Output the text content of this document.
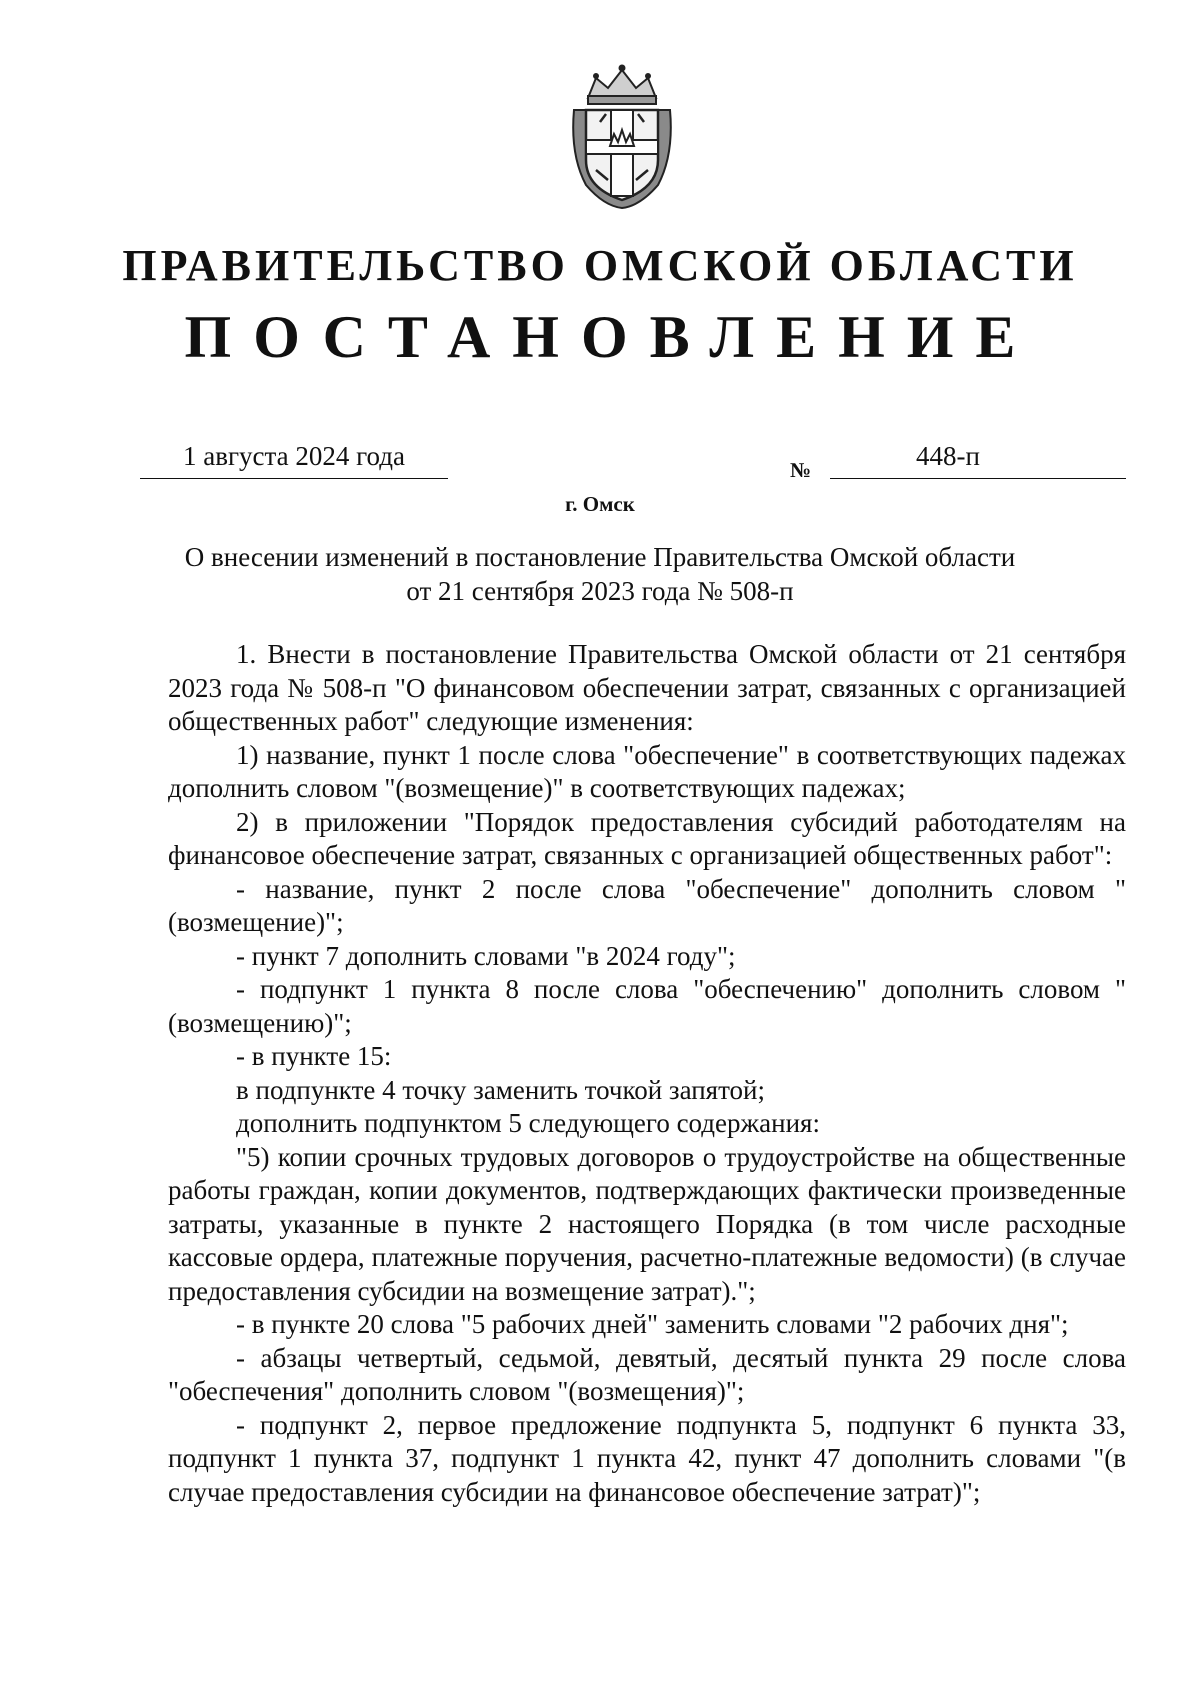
ПРАВИТЕЛЬСТВО ОМСКОЙ ОБЛАСТИ
ПОСТАНОВЛЕНИЕ
1 августа 2024 года	№	448-п
г. Омск
О внесении изменений в постановление Правительства Омской области
от 21 сентября 2023 года № 508-п

1. Внести в постановление Правительства Омской области от 21 сентября 2023 года № 508-п "О финансовом обеспечении затрат, связанных с организацией общественных работ" следующие изменения:

1) название, пункт 1 после слова "обеспечение" в соответствующих падежах дополнить словом "(возмещение)" в соответствующих падежах;

2) в приложении "Порядок предоставления субсидий работодателям на финансовое обеспечение затрат, связанных с организацией общественных работ":

- название, пункт 2 после слова "обеспечение" дополнить словом "(возмещение)";

- пункт 7 дополнить словами "в 2024 году";

- подпункт 1 пункта 8 после слова "обеспечению" дополнить словом "(возмещению)";

- в пункте 15:

в подпункте 4 точку заменить точкой запятой;

дополнить подпунктом 5 следующего содержания:

"5) копии срочных трудовых договоров о трудоустройстве на общественные работы граждан, копии документов, подтверждающих фактически произведенные затраты, указанные в пункте 2 настоящего Порядка (в том числе расходные кассовые ордера, платежные поручения, расчетно-платежные ведомости) (в случае предоставления субсидии на возмещение затрат).";

- в пункте 20 слова "5 рабочих дней" заменить словами "2 рабочих дня";

- абзацы четвертый, седьмой, девятый, десятый пункта 29 после слова "обеспечения" дополнить словом "(возмещения)";

- подпункт 2, первое предложение подпункта 5, подпункт 6 пункта 33, подпункт 1 пункта 37, подпункт 1 пункта 42, пункт 47 дополнить словами "(в случае предоставления субсидии на финансовое обеспечение затрат)";
